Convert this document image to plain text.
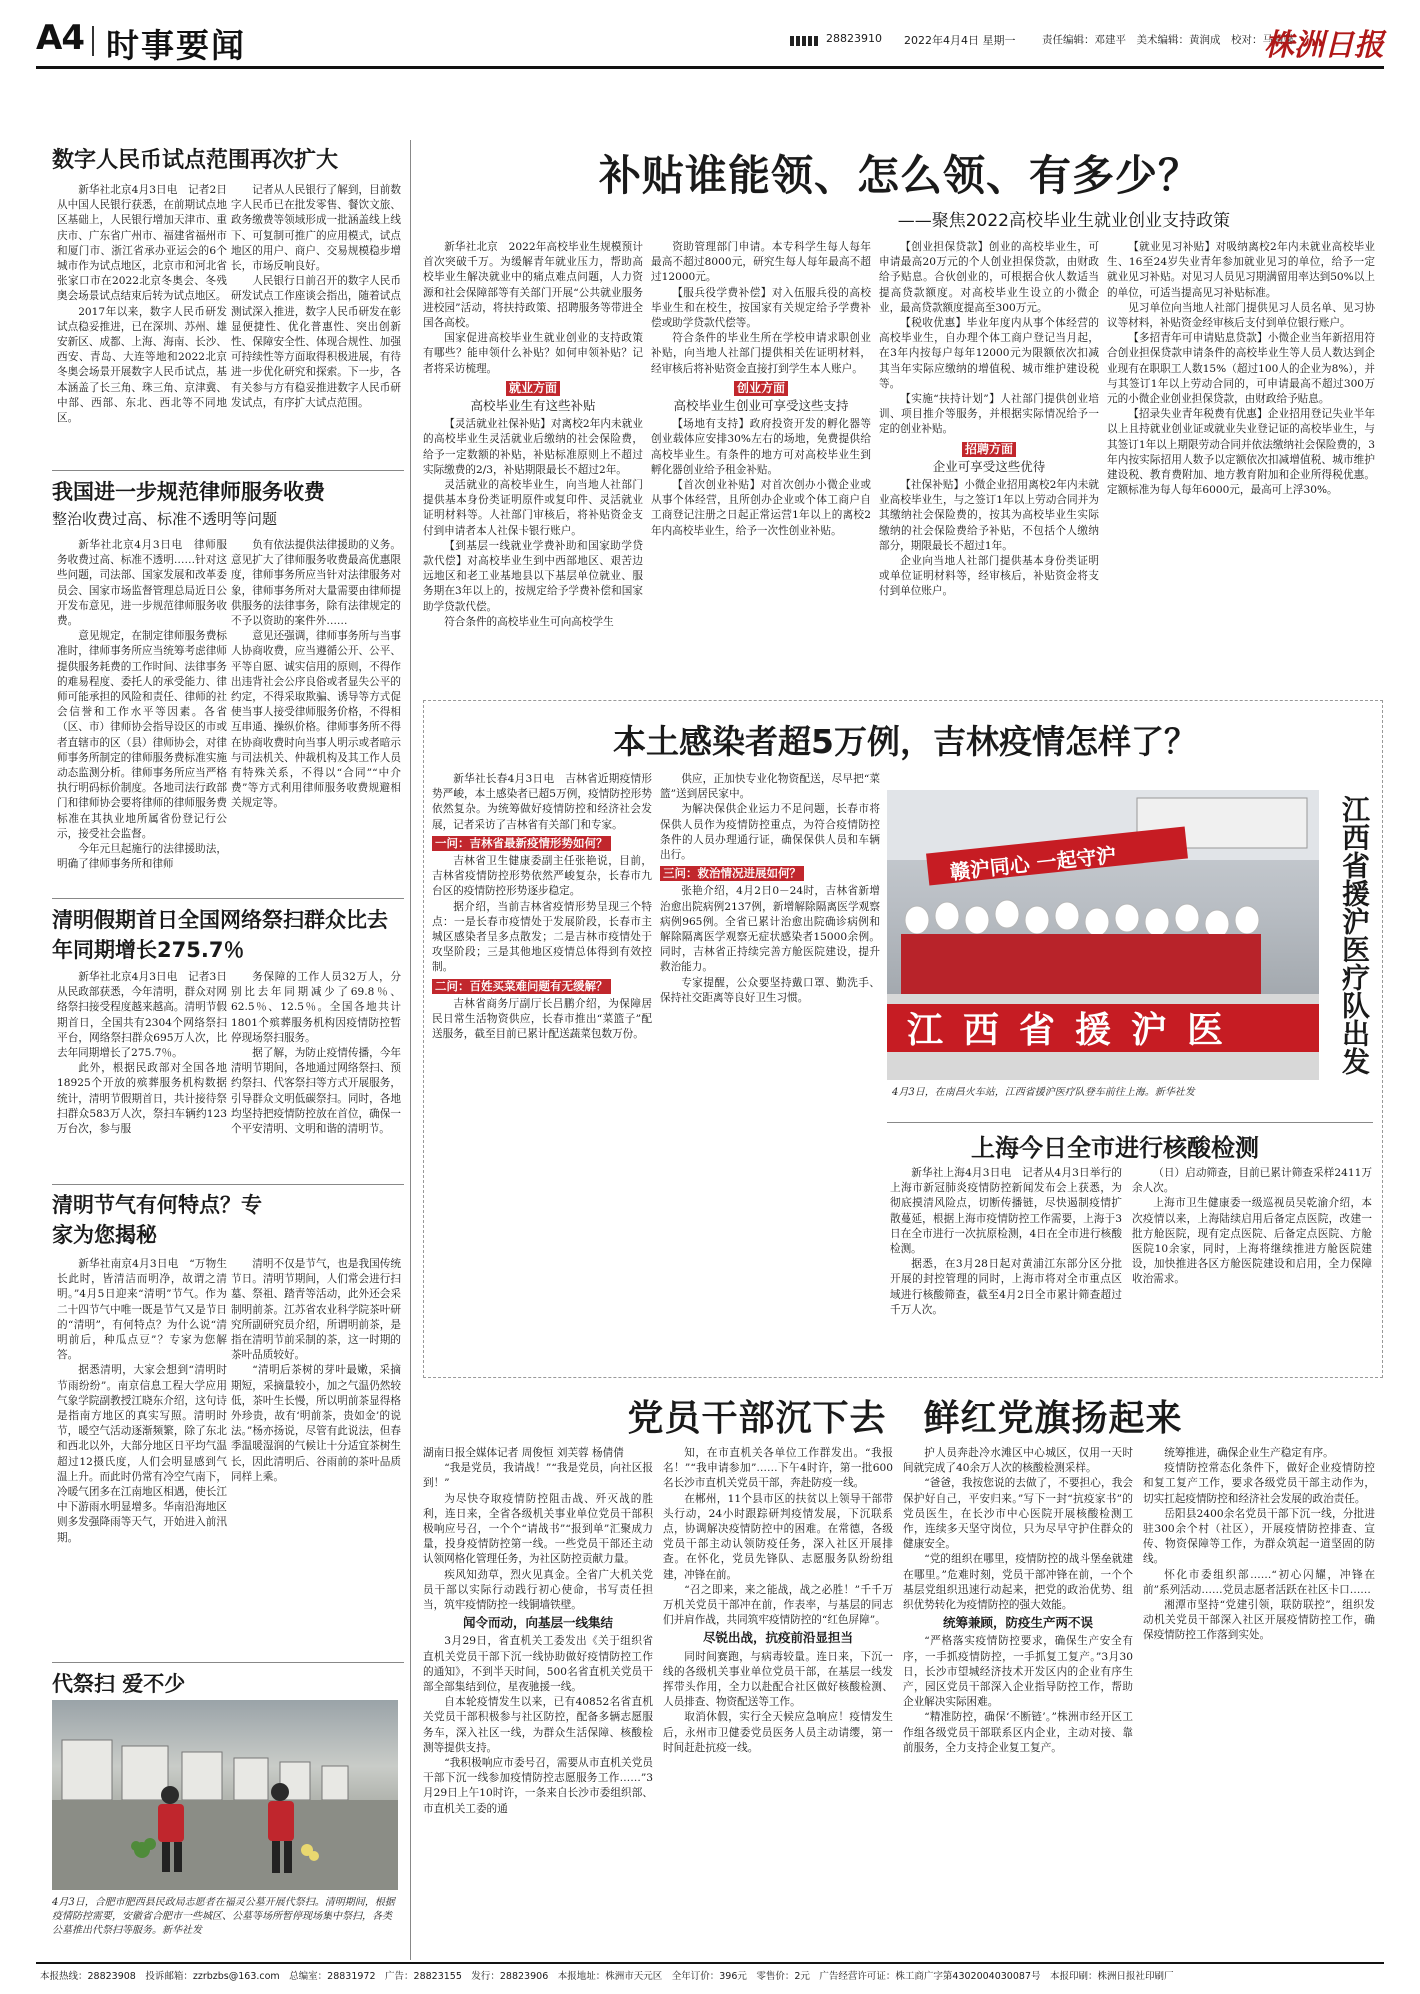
A4 时事要闻	28823910 2022年4月4日 星期一	责任编辑：邓建平　美术编辑：黄润成　校对：马婧馨
株洲日报
数字人民币试点范围再次扩大

新华社北京4月3日电　记者2日从中国人民银行获悉，在前期试点地区基础上，人民银行增加天津市、重庆市、广东省广州市、福建省福州市和厦门市、浙江省承办亚运会的6个城市作为试点地区，北京市和河北省张家口市在2022北京冬奥会、冬残奥会场景试点结束后转为试点地区。

2017年以来，数字人民币研发试点稳妥推进，已在深圳、苏州、雄安新区、成都、上海、海南、长沙、西安、青岛、大连等地和2022北京冬奥会场景开展数字人民币试点，基本涵盖了长三角、珠三角、京津冀、中部、西部、东北、西北等不同地区。

记者从人民银行了解到，目前数字人民币已在批发零售、餐饮文旅、政务缴费等领域形成一批涵盖线上线下、可复制可推广的应用模式，试点地区的用户、商户、交易规模稳步增长，市场反响良好。

人民银行日前召开的数字人民币研发试点工作座谈会指出，随着试点测试深入推进，数字人民币研发在彰显便捷性、优化普惠性、突出创新性、保障安全性、体现合规性、加强可持续性等方面取得积极进展，有待进一步优化研究和探索。下一步，各有关参与方有稳妥推进数字人民币研发试点，有序扩大试点范围。

我国进一步规范律师服务收费
整治收费过高、标准不透明等问题

新华社北京4月3日电　律师服务收费过高、标准不透明……针对这些问题，司法部、国家发展和改革委员会、国家市场监督管理总局近日公开发布意见，进一步规范律师服务收费。

意见规定，在制定律师服务费标准时，律师事务所应当统筹考虑律师提供服务耗费的工作时间、法律事务的难易程度、委托人的承受能力、律师可能承担的风险和责任、律师的社会信誉和工作水平等因素。各省（区、市）律师协会指导设区的市或者直辖市的区（县）律师协会，对律师事务所制定的律师服务费标准实施动态监测分析。律师事务所应当严格执行明码标价制度。各地司法行政部门和律师协会要将律师的律师服务费标准在其执业地所属省份登记行公示，接受社会监督。

今年元旦起施行的法律援助法，明确了律师事务所和律师

负有依法提供法律援助的义务。意见扩大了律师服务收费最高优惠限度，律师事务所应当针对法律服务对象，律师事务所对大量需要由律师提供服务的法律事务，除有法律规定的不予以资助的案件外……

意见还强调，律师事务所与当事人协商收费，应当遵循公开、公平、平等自愿、诚实信用的原则，不得作出违背社会公序良俗或者显失公平的约定，不得采取欺骗、诱导等方式促使当事人接受律师服务价格，不得相互串通、操纵价格。律师事务所不得在协商收费时向当事人明示或者暗示与司法机关、仲裁机构及其工作人员有特殊关系，不得以“合同”“中介费”等方式利用律师服务收费规避相关规定等。

清明假期首日全国网络祭扫群众比去年同期增长275.7％

新华社北京4月3日电　记者3日从民政部获悉，今年清明，群众对网络祭扫接受程度越来越高。清明节假期首日，全国共有2304个网络祭扫平台，网络祭扫群众695万人次，比去年同期增长了275.7％。

此外，根据民政部对全国各地18925个开放的殡葬服务机构数据统计，清明节假期首日，共计接待祭扫群众583万人次，祭扫车辆约123万台次，参与服

务保障的工作人员32万人，分别比去年同期减少了69.8％、62.5％、12.5％。全国各地共计1801个殡葬服务机构因疫情防控暂停现场祭扫服务。

据了解，为防止疫情传播，今年清明节期间，各地通过网络祭扫、预约祭扫、代客祭扫等方式开展服务，引导群众文明低碳祭扫。同时，各地均坚持把疫情防控放在首位，确保一个平安清明、文明和谐的清明节。

清明节气有何特点？专家为您揭秘

新华社南京4月3日电　“万物生长此时，皆清洁而明净，故谓之清明。”4月5日迎来“清明”节气。作为二十四节气中唯一既是节气又是节日的“清明”，有何特点？为什么说“清明前后，种瓜点豆”？专家为您解答。

据悉清明，大家会想到“清明时节雨纷纷”。南京信息工程大学应用气象学院副教授江晓东介绍，这句诗是指南方地区的真实写照。清明时节，暖空气活动逐渐频繁，除了东北和西北以外，大部分地区日平均气温超过12摄氏度，人们会明显感到气温上升。而此时仍常有冷空气南下，冷暖气团多在江南地区相遇，使长江中下游雨水明显增多。华南沿海地区则多发强降雨等天气，开始进入前汛期。

清明不仅是节气，也是我国传统节日。清明节期间，人们常会进行扫墓、祭祖、踏青等活动，此外还会采制明前茶。江苏省农业科学院茶叶研究所副研究员介绍，所谓明前茶，是指在清明节前采制的茶，这一时期的茶叶品质较好。

“清明后茶树的芽叶最嫩，采摘期短，采摘量较小，加之气温仍然较低，茶叶生长慢，所以明前茶显得格外珍贵，故有‘明前茶，贵如金’的说法。”杨亦扬说，尽管有此说法，但春季温暖湿润的气候让十分适宜茶树生长，因此清明后、谷雨前的茶叶品质同样上乘。

代祭扫 爱不少
4月3日，合肥市肥西县民政局志愿者在福灵公墓开展代祭扫。清明期间，根据疫情防控需要，安徽省合肥市一些城区、公墓等场所暂停现场集中祭扫，各类公墓推出代祭扫等服务。新华社发
补贴谁能领、怎么领、有多少？
——聚焦2022高校毕业生就业创业支持政策

新华社北京　2022年高校毕业生规模预计首次突破千万。为缓解青年就业压力，帮助高校毕业生解决就业中的痛点难点问题，人力资源和社会保障部等有关部门开展“公共就业服务进校园”活动，将扶持政策、招聘服务等带进全国各高校。

国家促进高校毕业生就业创业的支持政策有哪些？能申领什么补贴？如何申领补贴？记者将采访梳理。

就业方面
高校毕业生有这些补贴

【灵活就业社保补贴】对离校2年内未就业的高校毕业生灵活就业后缴纳的社会保险费，给予一定数额的补贴，补贴标准原则上不超过实际缴费的2/3，补贴期限最长不超过2年。

灵活就业的高校毕业生，向当地人社部门提供基本身份类证明原件或复印件、灵活就业证明材料等。人社部门审核后，将补贴资金支付到申请者本人社保卡银行账户。

【到基层一线就业学费补助和国家助学贷款代偿】对高校毕业生到中西部地区、艰苦边远地区和老工业基地县以下基层单位就业、服务期在3年以上的，按规定给予学费补偿和国家助学贷款代偿。

符合条件的高校毕业生可向高校学生

资助管理部门申请。本专科学生每人每年最高不超过8000元，研究生每人每年最高不超过12000元。

【服兵役学费补偿】对入伍服兵役的高校毕业生和在校生，按国家有关规定给予学费补偿或助学贷款代偿等。

符合条件的毕业生所在学校申请求职创业补贴，向当地人社部门提供相关佐证明材料，经审核后将补贴资金直接打到学生本人账户。

创业方面
高校毕业生创业可享受这些支持

【场地有支持】政府投资开发的孵化器等创业载体应安排30%左右的场地，免费提供给高校毕业生。有条件的地方可对高校毕业生到孵化器创业给予租金补贴。

【首次创业补贴】对首次创办小微企业或从事个体经营，且所创办企业或个体工商户自工商登记注册之日起正常运营1年以上的离校2年内高校毕业生，给予一次性创业补贴。

【创业担保贷款】创业的高校毕业生，可申请最高20万元的个人创业担保贷款，由财政给予贴息。合伙创业的，可根据合伙人数适当提高贷款额度。对高校毕业生设立的小微企业，最高贷款额度提高至300万元。

【税收优惠】毕业年度内从事个体经营的高校毕业生，自办理个体工商户登记当月起，在3年内按每户每年12000元为限额依次扣减其当年实际应缴纳的增值税、城市维护建设税等。

【实施“扶持计划”】人社部门提供创业培训、项目推介等服务，并根据实际情况给予一定的创业补贴。

招聘方面
企业可享受这些优待

【社保补贴】小微企业招用离校2年内未就业高校毕业生，与之签订1年以上劳动合同并为其缴纳社会保险费的，按其为高校毕业生实际缴纳的社会保险费给予补贴，不包括个人缴纳部分，期限最长不超过1年。

企业向当地人社部门提供基本身份类证明或单位证明材料等，经审核后，补贴资金将支付到单位账户。

【就业见习补贴】对吸纳离校2年内未就业高校毕业生、16至24岁失业青年参加就业见习的单位，给予一定就业见习补贴。对见习人员见习期满留用率达到50%以上的单位，可适当提高见习补贴标准。

见习单位向当地人社部门提供见习人员名单、见习协议等材料，补贴资金经审核后支付到单位银行账户。

【多招青年可申请贴息贷款】小微企业当年新招用符合创业担保贷款申请条件的高校毕业生等人员人数达到企业现有在职职工人数15%（超过100人的企业为8%），并与其签订1年以上劳动合同的，可申请最高不超过300万元的小微企业创业担保贷款，由财政给予贴息。

【招录失业青年税费有优惠】企业招用登记失业半年以上且持就业创业证或就业失业登记证的高校毕业生，与其签订1年以上期限劳动合同并依法缴纳社会保险费的，3年内按实际招用人数予以定额依次扣减增值税、城市维护建设税、教育费附加、地方教育附加和企业所得税优惠。定额标准为每人每年6000元，最高可上浮30%。

本土感染者超5万例，吉林疫情怎样了？

新华社长春4月3日电　吉林省近期疫情形势严峻，本土感染者已超5万例，疫情防控形势依然复杂。为统筹做好疫情防控和经济社会发展，记者采访了吉林省有关部门和专家。

一问：吉林省最新疫情形势如何？

吉林省卫生健康委副主任张艳说，目前，吉林省疫情防控形势依然严峻复杂，长春市九台区的疫情防控形势逐步稳定。

据介绍，当前吉林省疫情形势呈现三个特点：一是长春市疫情处于发展阶段，长春市主城区感染者呈多点散发；二是吉林市疫情处于攻坚阶段；三是其他地区疫情总体得到有效控制。

二问：百姓买菜难问题有无缓解？

吉林省商务厅副厅长吕鹏介绍，为保障居民日常生活物资供应，长春市推出“菜篮子”配送服务，截至目前已累计配送蔬菜包数万份。

供应，正加快专业化物资配送，尽早把“菜篮”送到居民家中。

为解决保供企业运力不足问题，长春市将保供人员作为疫情防控重点，为符合疫情防控条件的人员办理通行证，确保保供人员和车辆出行。

三问：救治情况进展如何？

张艳介绍，4月2日0－24时，吉林省新增治愈出院病例2137例，新增解除隔离医学观察病例965例。全省已累计治愈出院确诊病例和解除隔离医学观察无症状感染者15000余例。同时，吉林省正持续完善方舱医院建设，提升救治能力。

专家提醒，公众要坚持戴口罩、勤洗手、保持社交距离等良好卫生习惯。

赣沪同心 一起守沪
江西省援沪医	江西省援沪医疗队出发
4月3日，在南昌火车站，江西省援沪医疗队登车前往上海。新华社发
上海今日全市进行核酸检测

新华社上海4月3日电　记者从4月3日举行的上海市新冠肺炎疫情防控新闻发布会上获悉，为彻底摸清风险点，切断传播链，尽快遏制疫情扩散蔓延，根据上海市疫情防控工作需要，上海于3日在全市进行一次抗原检测，4日在全市进行核酸检测。

据悉，在3月28日起对黄浦江东部分区分批开展的封控管理的同时，上海市将对全市重点区域进行核酸筛查，截至4月2日全市累计筛查超过千万人次。

（日）启动筛查，目前已累计筛查采样2411万余人次。

上海市卫生健康委一级巡视员吴乾渝介绍，本次疫情以来，上海陆续启用后备定点医院，改建一批方舱医院，现有定点医院、后备定点医院、方舱医院10余家，同时，上海将继续推进方舱医院建设，加快推进各区方舱医院建设和启用，全力保障收治需求。

党员干部沉下去　鲜红党旗扬起来

湖南日报全媒体记者 周俊恒 刘芙蓉 杨倩倩

“我是党员，我请战！”“我是党员，向社区报到！”

为尽快夺取疫情防控阻击战、歼灭战的胜利，连日来，全省各级机关事业单位党员干部积极响应号召，一个个“请战书”“报到单”汇聚成力量，投身疫情防控第一线。一些党员干部还主动认领网格化管理任务，为社区防控贡献力量。

疾风知劲草，烈火见真金。全省广大机关党员干部以实际行动践行初心使命，书写责任担当，筑牢疫情防控一线铜墙铁壁。

闻令而动，向基层一线集结

3月29日，省直机关工委发出《关于组织省直机关党员干部下沉一线协助做好疫情防控工作的通知》，不到半天时间，500名省直机关党员干部全部集结到位，星夜驰援一线。

自本轮疫情发生以来，已有40852名省直机关党员干部积极参与社区防控，配备多辆志愿服务车，深入社区一线，为群众生活保障、核酸检测等提供支持。

“我积极响应市委号召，需要从市直机关党员干部下沉一线参加疫情防控志愿服务工作……”3月29日上午10时许，一条来自长沙市委组织部、市直机关工委的通

知，在市直机关各单位工作群发出。“我报名！”“我申请参加”……下午4时许，第一批600名长沙市直机关党员干部，奔赴防疫一线。

在郴州，11个县市区的扶贫以上领导干部带头行动，24小时跟踪研判疫情发展，下沉联系点，协调解决疫情防控中的困难。在常德，各级党员干部主动认领防疫任务，深入社区开展排查。在怀化，党员先锋队、志愿服务队纷纷组建，冲锋在前。

“召之即来，来之能战，战之必胜！”千千万万机关党员干部冲在前，作表率，与基层的同志们并肩作战，共同筑牢疫情防控的“红色屏障”。

尽锐出战，抗疫前沿显担当

同时间赛跑，与病毒较量。连日来，下沉一线的各级机关事业单位党员干部，在基层一线发挥带头作用，全力以赴配合社区做好核酸检测、人员排查、物资配送等工作。

取消休假，实行全天候应急响应！疫情发生后，永州市卫健委党员医务人员主动请缨，第一时间赶赴抗疫一线。

护人员奔赴冷水滩区中心城区，仅用一天时间就完成了40余万人次的核酸检测采样。

“爸爸，我按您说的去做了，不要担心，我会保护好自己，平安归来。”写下一封“抗疫家书”的党员医生，在长沙市中心医院开展核酸检测工作，连续多天坚守岗位，只为尽早守护住群众的健康安全。

“党的组织在哪里，疫情防控的战斗堡垒就建在哪里。”危难时刻，党员干部冲锋在前，一个个基层党组织迅速行动起来，把党的政治优势、组织优势转化为疫情防控的强大效能。

统筹兼顾，防疫生产两不误

“严格落实疫情防控要求，确保生产安全有序，一手抓疫情防控，一手抓复工复产。”3月30日，长沙市望城经济技术开发区内的企业有序生产，园区党员干部深入企业指导防控工作，帮助企业解决实际困难。

“精准防控，确保‘不断链’。”株洲市经开区工作组各级党员干部联系区内企业，主动对接、靠前服务，全力支持企业复工复产。

统筹推进，确保企业生产稳定有序。

疫情防控常态化条件下，做好企业疫情防控和复工复产工作，要求各级党员干部主动作为，切实扛起疫情防控和经济社会发展的政治责任。

岳阳县2400余名党员干部下沉一线，分批进驻300余个村（社区），开展疫情防控排查、宣传、物资保障等工作，为群众筑起一道坚固的防线。

怀化市委组织部……“初心闪耀，冲锋在前”系列活动……党员志愿者活跃在社区卡口……

湘潭市坚持“党建引领，联防联控”，组织发动机关党员干部深入社区开展疫情防控工作，确保疫情防控工作落到实处。

本报热线：28823908　投诉邮箱：zzrbzbs@163.com　总编室：28831972　广告：28823155　发行：28823906　本报地址：株洲市天元区　全年订价：396元　零售价：2元　广告经营许可证：株工商广字第4302004030087号　本报印刷：株洲日报社印刷厂
